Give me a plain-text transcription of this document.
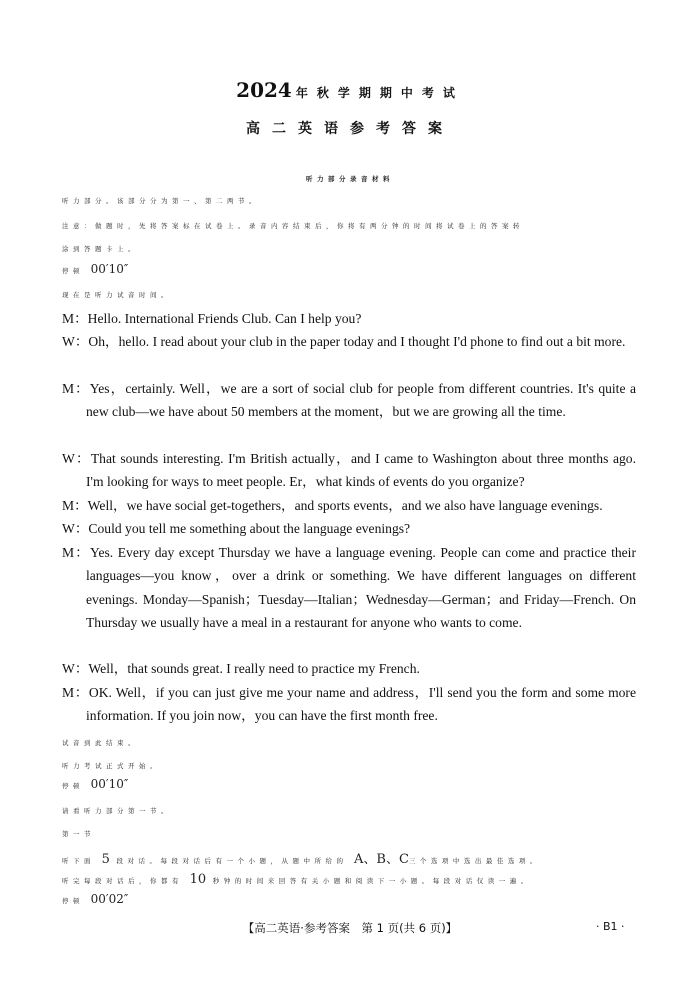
2024 年秋学期期中考试
高二英语参考答案
听力部分录音材料
听力部分。该部分分为第一、第二两节。
注意：做题时，先将答案标在试卷上。录音内容结束后，你将有两分钟的时间将试卷上的答案转
涂到答题卡上。
停顿 00′10″
现在是听力试音时间。
M：Hello. International Friends Club. Can I help you?
W：Oh，hello. I read about your club in the paper today and I thought I'd phone to find out a bit more.
M：Yes，certainly. Well，we are a sort of social club for people from different countries. It's quite a new club—we have about 50 members at the moment，but we are growing all the time.
W：That sounds interesting. I'm British actually，and I came to Washington about three months ago. I'm looking for ways to meet people. Er，what kinds of events do you organize?
M：Well，we have social get-togethers，and sports events，and we also have language evenings.
W：Could you tell me something about the language evenings?
M：Yes. Every day except Thursday we have a language evening. People can come and practice their languages—you know，over a drink or something. We have different languages on different evenings. Monday—Spanish；Tuesday—Italian；Wednesday—German；and Friday—French. On Thursday we usually have a meal in a restaurant for anyone who wants to come.
W：Well，that sounds great. I really need to practice my French.
M：OK. Well，if you can just give me your name and address，I'll send you the form and some more information. If you join now，you can have the first month free.
试音到此结束。
听力考试正式开始。
停顿 00′10″
请看听力部分第一节。
第一节
听下面 5 段对话。每段对话后有一个小题，从题中所给的 A、B、C三个选项中选出最佳选项。
听完每段对话后，你都有 10 秒钟的时间来回答有关小题和阅读下一小题。每段对话仅读一遍。
停顿 00′02″
【高二英语·参考答案　第 1 页(共 6 页)】	· B1 ·
